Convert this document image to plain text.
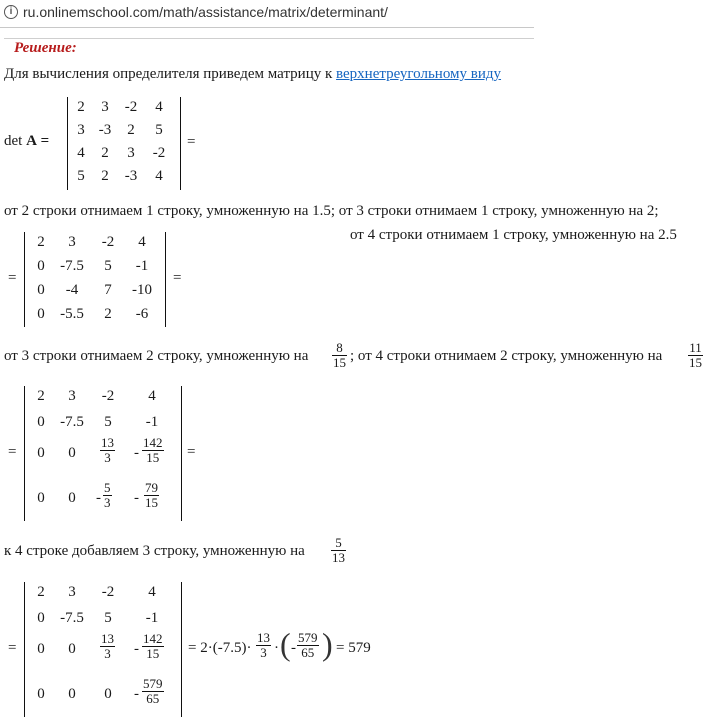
i ru.onlinemschool.com/math/assistance/matrix/determinant/
Решение:
Для вычисления определителя приведем матрицу к верхнетреугольному виду
det A =
2	3	-2	4
3 -3	2	5
4	2	3	-2
5	2	-3	4
=
от 2 строки отнимаем 1 строку, умноженную на 1.5; от 3 строки отнимаем 1 строку, умноженную на 2;
от 4 строки отнимаем 1 строку, умноженную на 2.5
=
2	3	-2	4
0	-7.5	5	-1
0	-4	7	-10
0	-5.5	2	-6
=
от 3 строки отнимаем 2 строку, умноженную на $\frac{8}{15}$ ; от 4 строки отнимаем 2 строку, умноженную на $\frac{11}{15}$
=
2	3	-2	4
0	-7.5	5	-1
0	0	$\frac{13}{3} - \frac{142}{15}$
0	0	- $\frac{5}{3} - \frac{79}{15}$
=
к 4 строке добавляем 3 строку, умноженную на $\frac{5}{13}$
=
2	3	-2	4
0	-7.5	5	-1
0	0	$\frac{13}{3} - \frac{142}{15}$
0	0	0	- $\frac{579}{65}$
= $2\cdot(-7.5)\cdot \frac{13}{3}$ · ( - $\frac{579}{65}$ ) = 579
